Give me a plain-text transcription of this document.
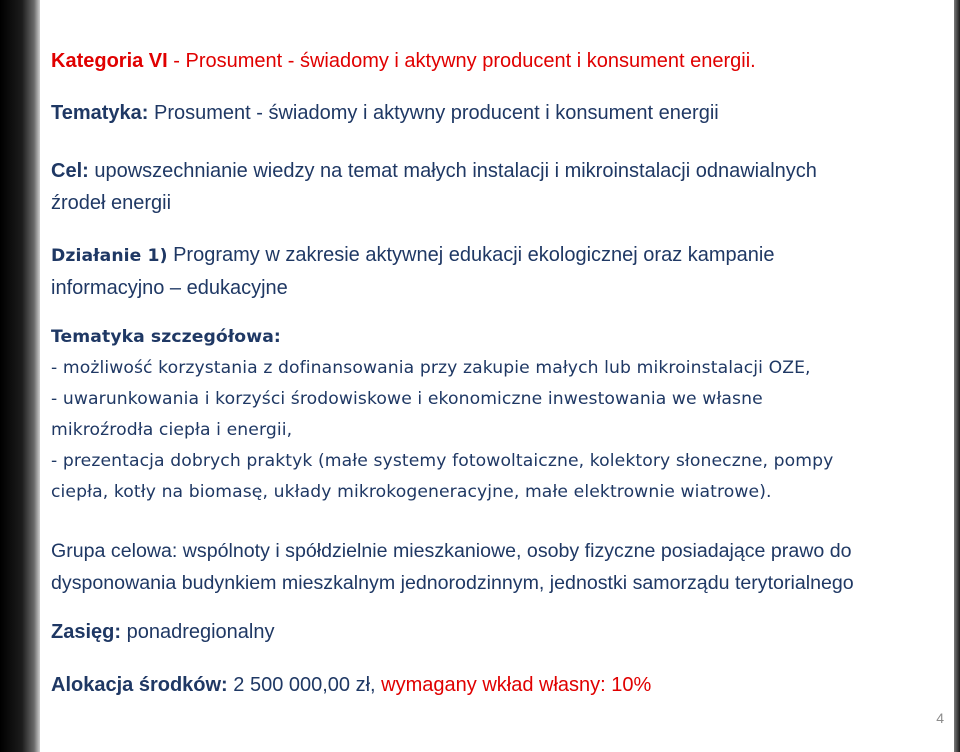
Kategoria VI - Prosument - świadomy i aktywny producent i konsument energii.

Tematyka: Prosument - świadomy i aktywny producent i konsument energii

Cel: upowszechnianie wiedzy na temat małych instalacji i mikroinstalacji odnawialnych
źrodeł energii

Działanie 1) Programy w zakresie aktywnej edukacji ekologicznej oraz kampanie
informacyjno – edukacyjne

Tematyka szczegółowa:
- możliwość korzystania z dofinansowania przy zakupie małych lub mikroinstalacji OZE,
- uwarunkowania i korzyści środowiskowe i ekonomiczne inwestowania we własne
mikroźrodła ciepła i energii,
- prezentacja dobrych praktyk (małe systemy fotowoltaiczne, kolektory słoneczne, pompy
ciepła, kotły na biomasę, układy mikrokogeneracyjne, małe elektrownie wiatrowe).

Grupa celowa: wspólnoty i spółdzielnie mieszkaniowe, osoby fizyczne posiadające prawo do
dysponowania budynkiem mieszkalnym jednorodzinnym, jednostki samorządu terytorialnego

Zasięg: ponadregionalny

Alokacja środków: 2 500 000,00 zł, wymagany wkład własny: 10%

4
